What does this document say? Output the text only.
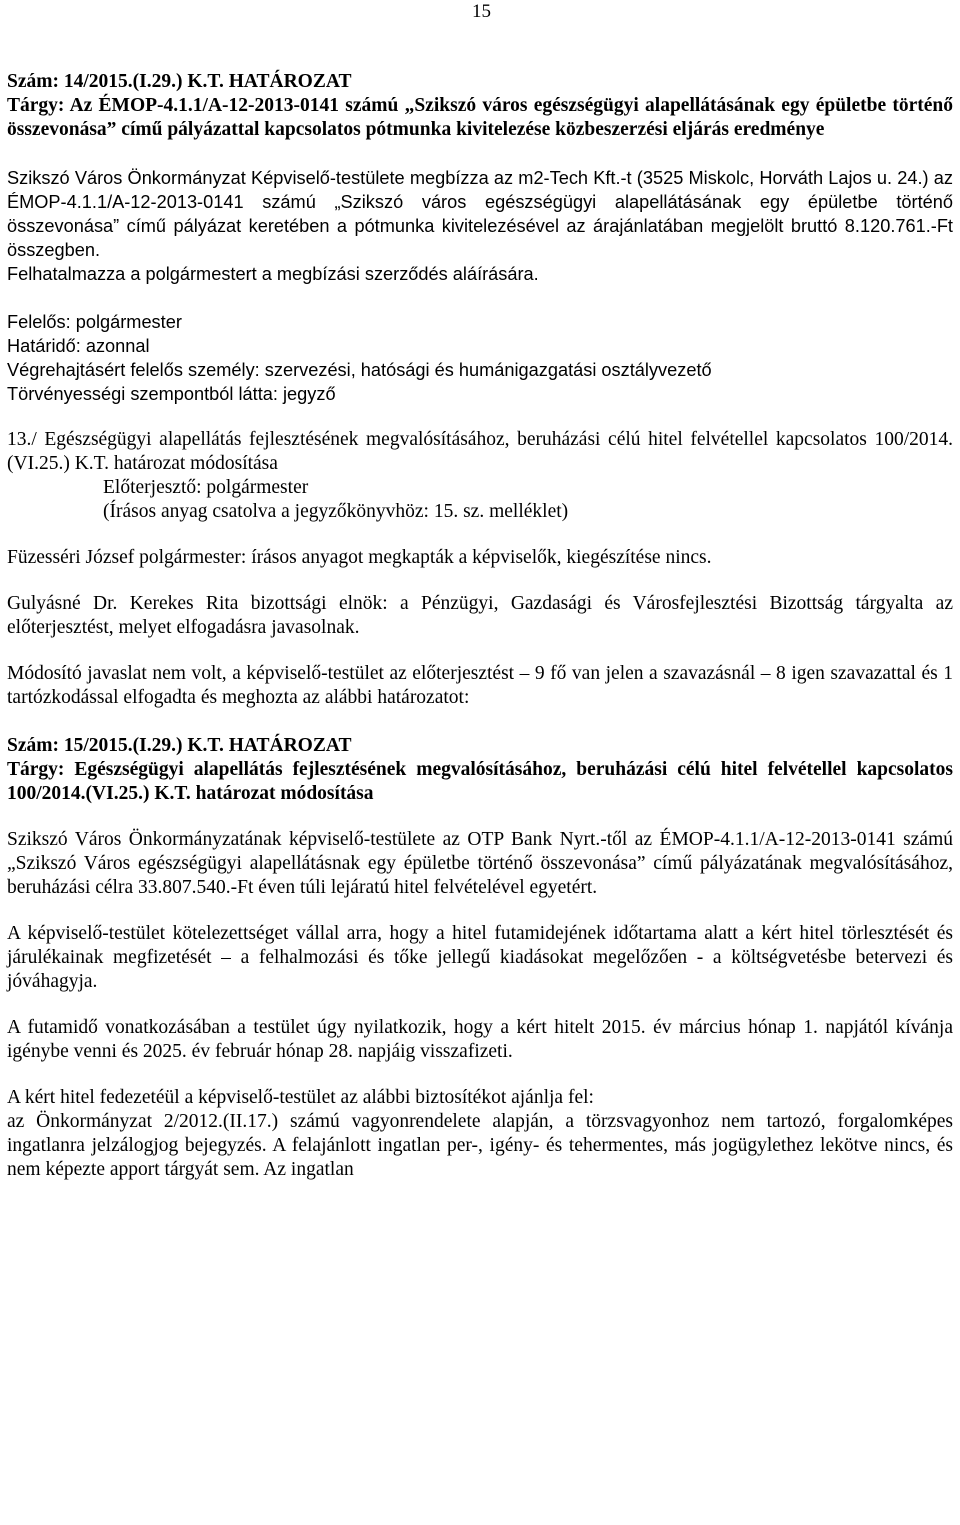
15

Szám: 14/2015.(I.29.) K.T. HATÁROZAT

Tárgy: Az ÉMOP-4.1.1/A-12-2013-0141 számú „Szikszó város egészségügyi alapellátásának egy épületbe történő összevonása” című pályázattal kapcsolatos pótmunka kivitelezése közbeszerzési eljárás eredménye

Szikszó Város Önkormányzat Képviselő-testülete megbízza az m2-Tech Kft.-t (3525 Miskolc, Horváth Lajos u. 24.) az ÉMOP-4.1.1/A-12-2013-0141 számú „Szikszó város egészségügyi alapellátásának egy épületbe történő összevonása” című pályázat keretében a pótmunka kivitelezésével az árajánlatában megjelölt bruttó 8.120.761.-Ft összegben.

Felhatalmazza a polgármestert a megbízási szerződés aláírására.

Felelős: polgármester

Határidő: azonnal

Végrehajtásért felelős személy: szervezési, hatósági és humánigazgatási osztályvezető

Törvényességi szempontból látta: jegyző

13./ Egészségügyi alapellátás fejlesztésének megvalósításához, beruházási célú hitel felvétellel kapcsolatos 100/2014.(VI.25.) K.T. határozat módosítása

Előterjesztő: polgármester

(Írásos anyag csatolva a jegyzőkönyvhöz: 15. sz. melléklet)

Füzesséri József polgármester: írásos anyagot megkapták a képviselők, kiegészítése nincs.

Gulyásné Dr. Kerekes Rita bizottsági elnök: a Pénzügyi, Gazdasági és Városfejlesztési Bizottság tárgyalta az előterjesztést, melyet elfogadásra javasolnak.

Módosító javaslat nem volt, a képviselő-testület az előterjesztést – 9 fő van jelen a szavazásnál – 8 igen szavazattal és 1 tartózkodással elfogadta és meghozta az alábbi határozatot:

Szám: 15/2015.(I.29.) K.T. HATÁROZAT

Tárgy: Egészségügyi alapellátás fejlesztésének megvalósításához, beruházási célú hitel felvétellel kapcsolatos 100/2014.(VI.25.) K.T. határozat módosítása

Szikszó Város Önkormányzatának képviselő-testülete az OTP Bank Nyrt.-től az ÉMOP-4.1.1/A-12-2013-0141 számú „Szikszó Város egészségügyi alapellátásnak egy épületbe történő összevonása” című pályázatának megvalósításához, beruházási célra 33.807.540.-Ft éven túli lejáratú hitel felvételével egyetért.

A képviselő-testület kötelezettséget vállal arra, hogy a hitel futamidejének időtartama alatt a kért hitel törlesztését és járulékainak megfizetését – a felhalmozási és tőke jellegű kiadásokat megelőzően - a költségvetésbe betervezi és jóváhagyja.

A futamidő vonatkozásában a testület úgy nyilatkozik, hogy a kért hitelt 2015. év március hónap 1. napjától kívánja igénybe venni és 2025. év február hónap 28. napjáig visszafizeti.

A kért hitel fedezetéül a képviselő-testület az alábbi biztosítékot ajánlja fel:

az Önkormányzat 2/2012.(II.17.) számú vagyonrendelete alapján, a törzsvagyonhoz nem tartozó, forgalomképes ingatlanra jelzálogjog bejegyzés. A felajánlott ingatlan per-, igény- és tehermentes, más jogügylethez lekötve nincs, és nem képezte apport tárgyát sem. Az ingatlan
